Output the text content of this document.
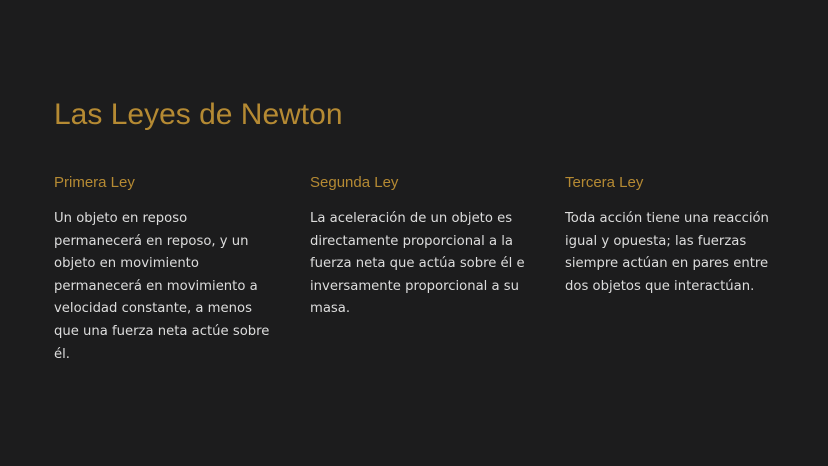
Las Leyes de Newton
Primera Ley

Un objeto en reposo permanecerá en reposo, y un objeto en movimiento permanecerá en movimiento a velocidad constante, a menos que una fuerza neta actúe sobre él.

Segunda Ley

La aceleración de un objeto es directamente proporcional a la fuerza neta que actúa sobre él e inversamente proporcional a su masa.

Tercera Ley

Toda acción tiene una reacción igual y opuesta; las fuerzas siempre actúan en pares entre dos objetos que interactúan.
